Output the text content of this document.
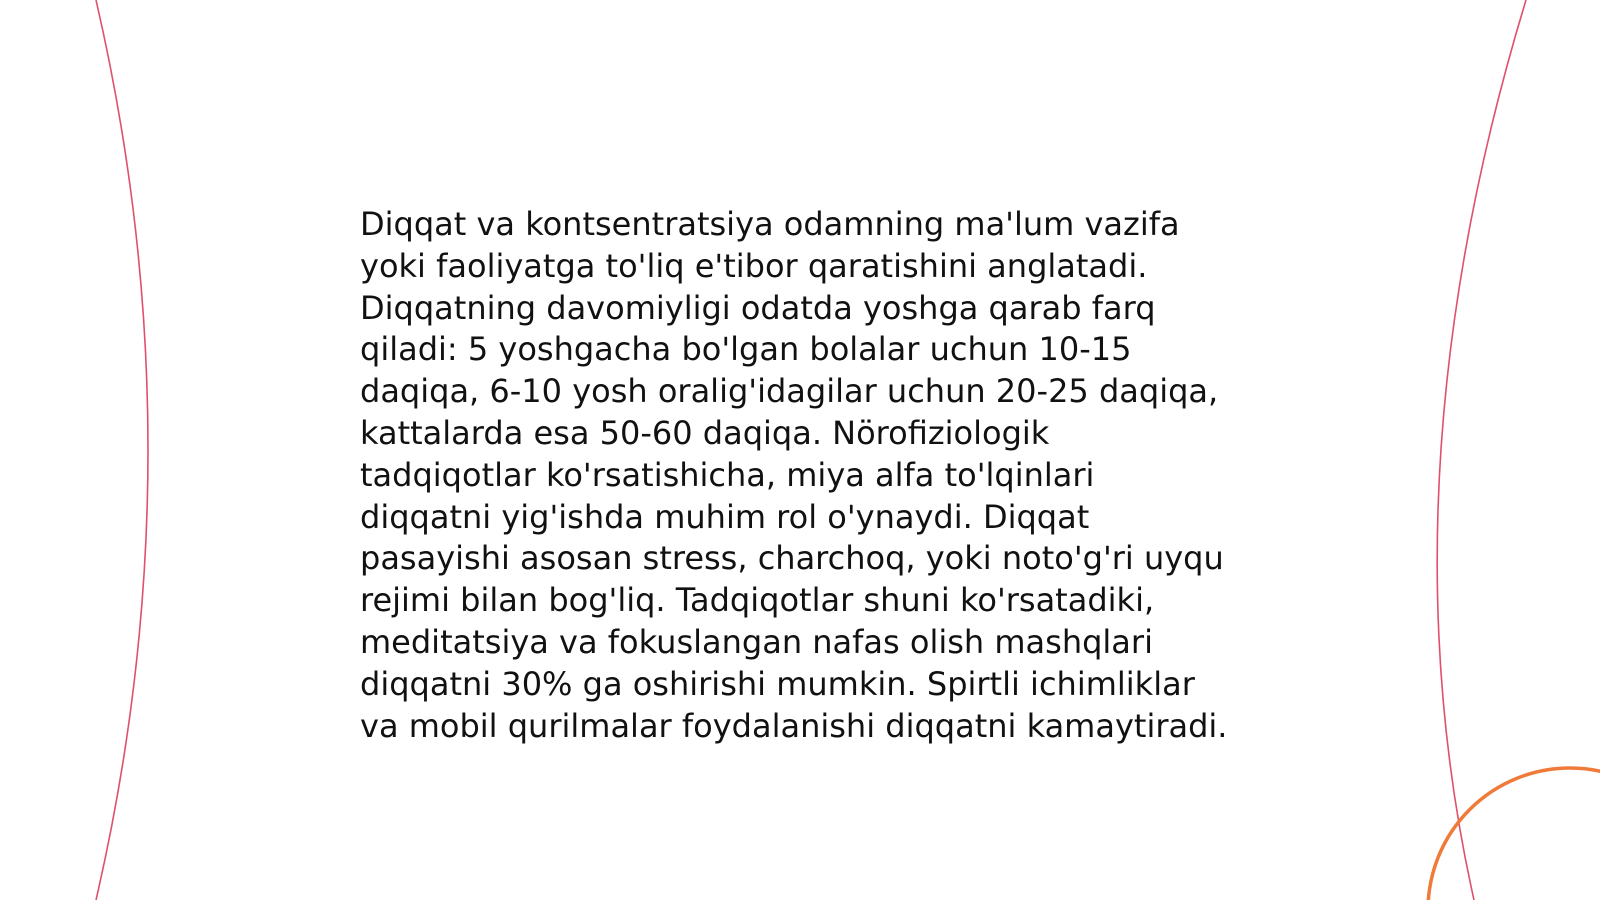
Diqqat va kontsentratsiya odamning ma'lum vazifa
yoki faoliyatga to'liq e'tibor qaratishini anglatadi.
Diqqatning davomiyligi odatda yoshga qarab farq
qiladi: 5 yoshgacha bo'lgan bolalar uchun 10-15
daqiqa, 6-10 yosh oralig'idagilar uchun 20-25 daqiqa,
kattalarda esa 50-60 daqiqa. Nörofiziologik
tadqiqotlar ko'rsatishicha, miya alfa to'lqinlari
diqqatni yig'ishda muhim rol o'ynaydi. Diqqat
pasayishi asosan stress, charchoq, yoki noto'g'ri uyqu
rejimi bilan bog'liq. Tadqiqotlar shuni ko'rsatadiki,
meditatsiya va fokuslangan nafas olish mashqlari
diqqatni 30% ga oshirishi mumkin. Spirtli ichimliklar
va mobil qurilmalar foydalanishi diqqatni kamaytiradi.
